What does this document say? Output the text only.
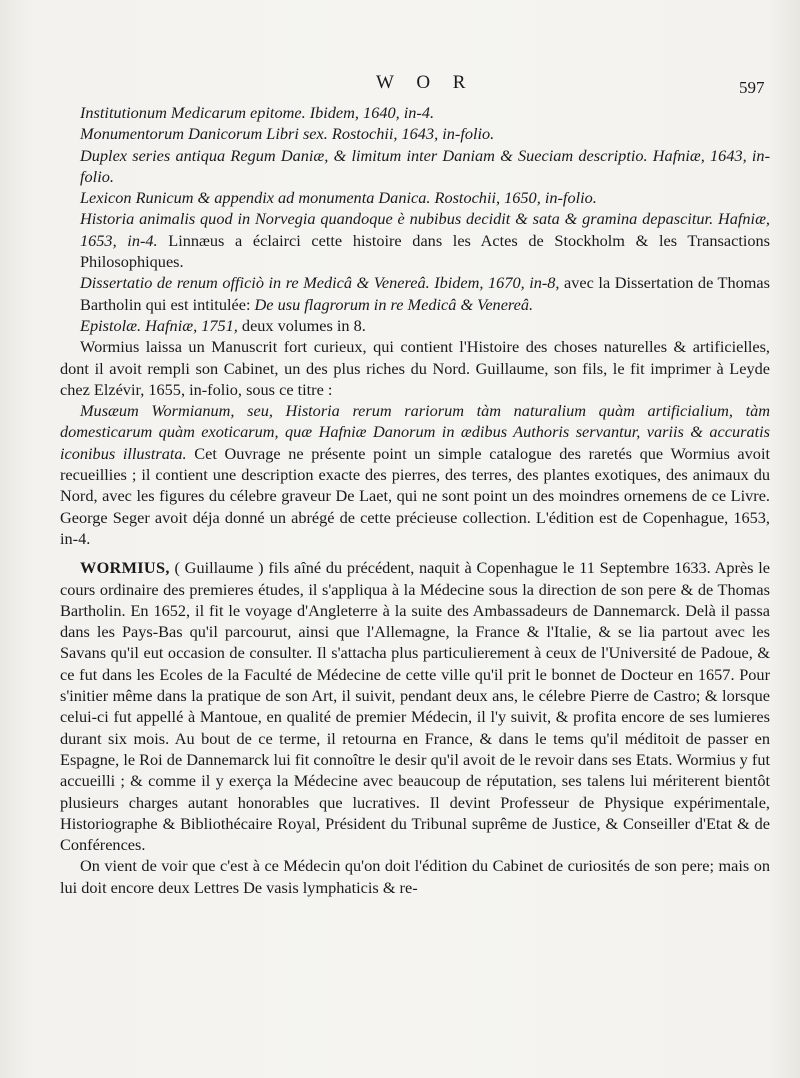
W O R	597

Institutionum Medicarum epitome. Ibidem, 1640, in-4.

Monumentorum Danicorum Libri sex. Rostochii, 1643, in-folio.

Duplex series antiqua Regum Daniæ, & limitum inter Daniam & Sueciam descriptio. Hafniæ, 1643, in-folio.

Lexicon Runicum & appendix ad monumenta Danica. Rostochii, 1650, in-folio.

Historia animalis quod in Norvegia quandoque è nubibus decidit & sata & gramina depascitur. Hafniæ, 1653, in-4. Linnæus a éclairci cette histoire dans les Actes de Stockholm & les Transactions Philosophiques.

Dissertatio de renum officiò in re Medicâ & Venereâ. Ibidem, 1670, in-8, avec la Dissertation de Thomas Bartholin qui est intitulée: De usu flagrorum in re Medicâ & Venereâ.

Epistolæ. Hafniæ, 1751, deux volumes in 8.

Wormius laissa un Manuscrit fort curieux, qui contient l'Histoire des choses naturelles & artificielles, dont il avoit rempli son Cabinet, un des plus riches du Nord. Guillaume, son fils, le fit imprimer à Leyde chez Elzévir, 1655, in-folio, sous ce titre :

Musæum Wormianum, seu, Historia rerum rariorum tàm naturalium quàm artificialium, tàm domesticarum quàm exoticarum, quæ Hafniæ Danorum in ædibus Authoris servantur, variis & accuratis iconibus illustrata. Cet Ouvrage ne présente point un simple catalogue des raretés que Wormius avoit recueillies ; il contient une description exacte des pierres, des terres, des plantes exotiques, des animaux du Nord, avec les figures du célebre graveur De Laet, qui ne sont point un des moindres ornemens de ce Livre. George Seger avoit déja donné un abrégé de cette précieuse collection. L'édition est de Copenhague, 1653, in-4.

WORMIUS, ( Guillaume ) fils aîné du précédent, naquit à Copenhague le 11 Septembre 1633. Après le cours ordinaire des premieres études, il s'appliqua à la Médecine sous la direction de son pere & de Thomas Bartholin. En 1652, il fit le voyage d'Angleterre à la suite des Ambassadeurs de Dannemarck. Delà il passa dans les Pays-Bas qu'il parcourut, ainsi que l'Allemagne, la France & l'Italie, & se lia partout avec les Savans qu'il eut occasion de consulter. Il s'attacha plus particulierement à ceux de l'Université de Padoue, & ce fut dans les Ecoles de la Faculté de Médecine de cette ville qu'il prit le bonnet de Docteur en 1657. Pour s'initier même dans la pratique de son Art, il suivit, pendant deux ans, le célebre Pierre de Castro; & lorsque celui-ci fut appellé à Mantoue, en qualité de premier Médecin, il l'y suivit, & profita encore de ses lumieres durant six mois. Au bout de ce terme, il retourna en France, & dans le tems qu'il méditoit de passer en Espagne, le Roi de Dannemarck lui fit connoître le desir qu'il avoit de le revoir dans ses Etats. Wormius y fut accueilli ; & comme il y exerça la Médecine avec beaucoup de réputation, ses talens lui mériterent bientôt plusieurs charges autant honorables que lucratives. Il devint Professeur de Physique expérimentale, Historiographe & Bibliothécaire Royal, Président du Tribunal suprême de Justice, & Conseiller d'Etat & de Conférences.

On vient de voir que c'est à ce Médecin qu'on doit l'édition du Cabinet de curiosités de son pere; mais on lui doit encore deux Lettres De vasis lymphaticis & re-
